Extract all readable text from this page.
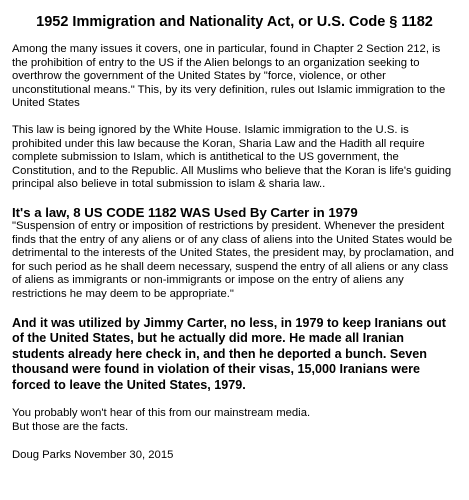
1952 Immigration and Nationality Act, or U.S. Code § 1182

Among the many issues it covers, one in particular, found in Chapter 2 Section 212, is the prohibition of entry to the US if the Alien belongs to an organization seeking to overthrow the government of the United States by "force, violence, or other unconstitutional means." This, by its very definition, rules out Islamic immigration to the United States

This law is being ignored by the White House. Islamic immigration to the U.S. is prohibited under this law because the Koran, Sharia Law and the Hadith all require complete submission to Islam, which is antithetical to the US government, the Constitution, and to the Republic. All Muslims who believe that the Koran is life's guiding principal also believe in total submission to islam & sharia law..

It's a law, 8 US CODE 1182 WAS Used By Carter in 1979

"Suspension of entry or imposition of restrictions by president. Whenever the president finds that the entry of any aliens or of any class of aliens into the United States would be detrimental to the interests of the United States, the president may, by proclamation, and for such period as he shall deem necessary, suspend the entry of all aliens or any class of aliens as immigrants or non-immigrants or impose on the entry of aliens any restrictions he may deem to be appropriate."

And it was utilized by Jimmy Carter, no less, in 1979 to keep Iranians out of the United States, but he actually did more. He made all Iranian students already here check in, and then he deported a bunch. Seven thousand were found in violation of their visas, 15,000 Iranians were forced to leave the United States, 1979.

You probably won't hear of this from our mainstream media.
But those are the facts.

Doug Parks November 30, 2015
